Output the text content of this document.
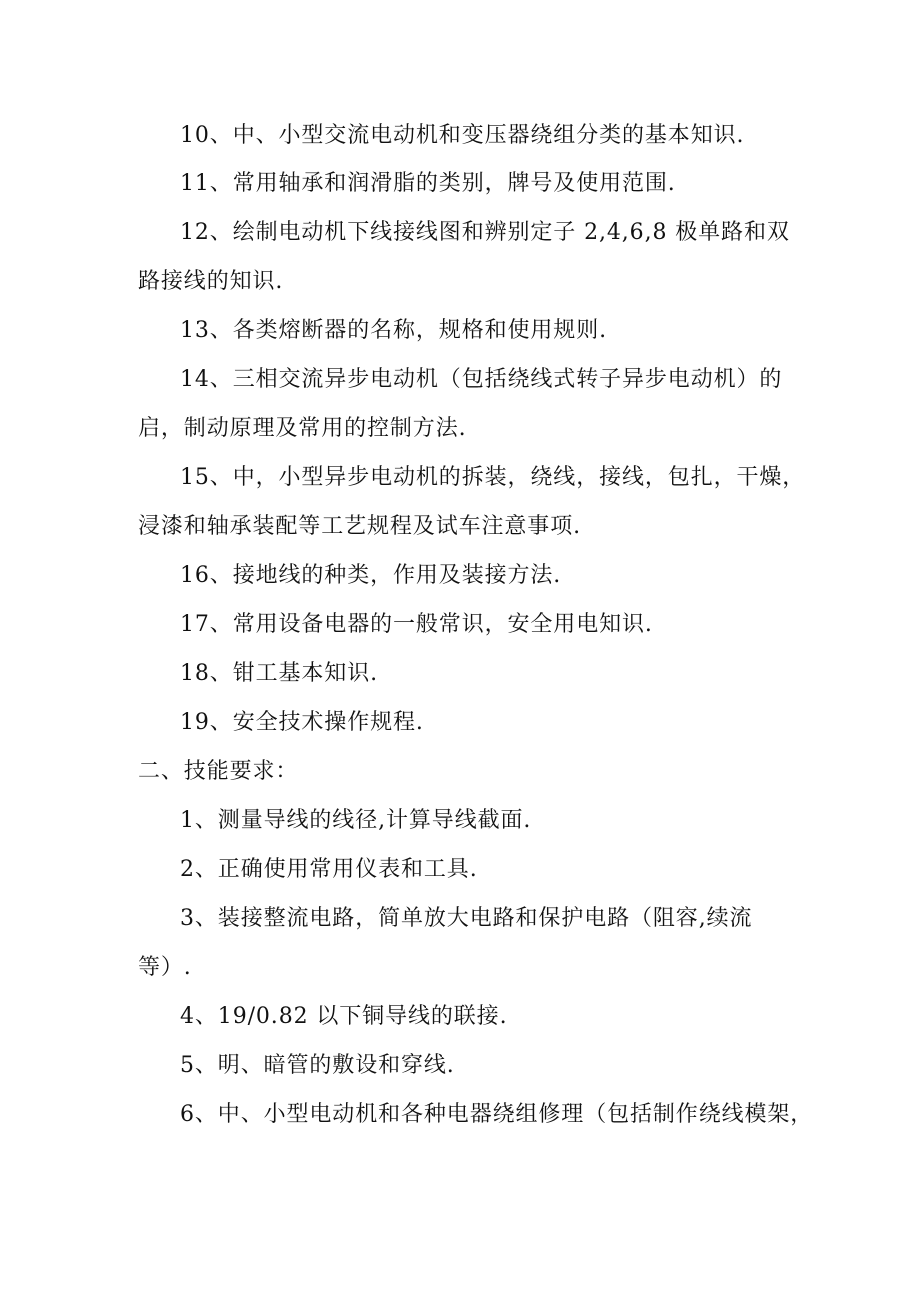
10、中、小型交流电动机和变压器绕组分类的基本知识.
11、常用轴承和润滑脂的类别，牌号及使用范围.
12、绘制电动机下线接线图和辨别定子 2,4,6,8 极单路和双
路接线的知识.
13、各类熔断器的名称，规格和使用规则.
14、三相交流异步电动机（包括绕线式转子异步电动机）的
启，制动原理及常用的控制方法.
15、中，小型异步电动机的拆装，绕线，接线，包扎，干燥，
浸漆和轴承装配等工艺规程及试车注意事项.
16、接地线的种类，作用及装接方法.
17、常用设备电器的一般常识，安全用电知识.
18、钳工基本知识.
19、安全技术操作规程.
二、技能要求：
1、测量导线的线径,计算导线截面.
2、正确使用常用仪表和工具.
3、装接整流电路，简单放大电路和保护电路（阻容,续流
等）.
4、19/0.82 以下铜导线的联接.
5、明、暗管的敷设和穿线.
6、中、小型电动机和各种电器绕组修理（包括制作绕线模架，
